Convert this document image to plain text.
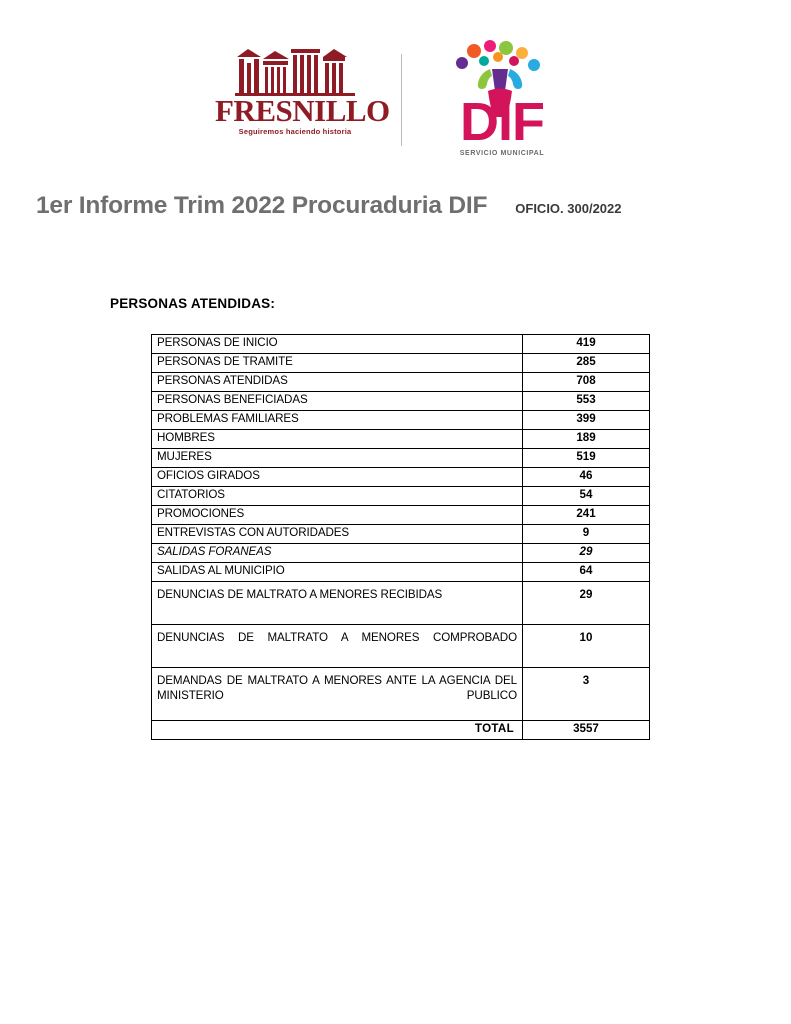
FRESNILLO
Seguiremos haciendo historia	DIF
SERVICIO MUNICIPAL
1er Informe Trim 2022 Procuraduria DIF OFICIO. 300/2022
PERSONAS ATENDIDAS:
PERSONAS DE INICIO	419
PERSONAS DE TRAMITE	285
PERSONAS ATENDIDAS	708
PERSONAS BENEFICIADAS	553
PROBLEMAS FAMILIARES	399
HOMBRES	189
MUJERES	519
OFICIOS GIRADOS	46
CITATORIOS	54
PROMOCIONES	241
ENTREVISTAS CON AUTORIDADES	9
SALIDAS FORANEAS	29
SALIDAS AL MUNICIPIO	64
DENUNCIAS DE MALTRATO A MENORES RECIBIDAS	29
DENUNCIAS DE MALTRATO A MENORES COMPROBADO	10
DEMANDAS DE MALTRATO A MENORES ANTE LA AGENCIA DEL MINISTERIO PUBLICO	3
TOTAL	3557
